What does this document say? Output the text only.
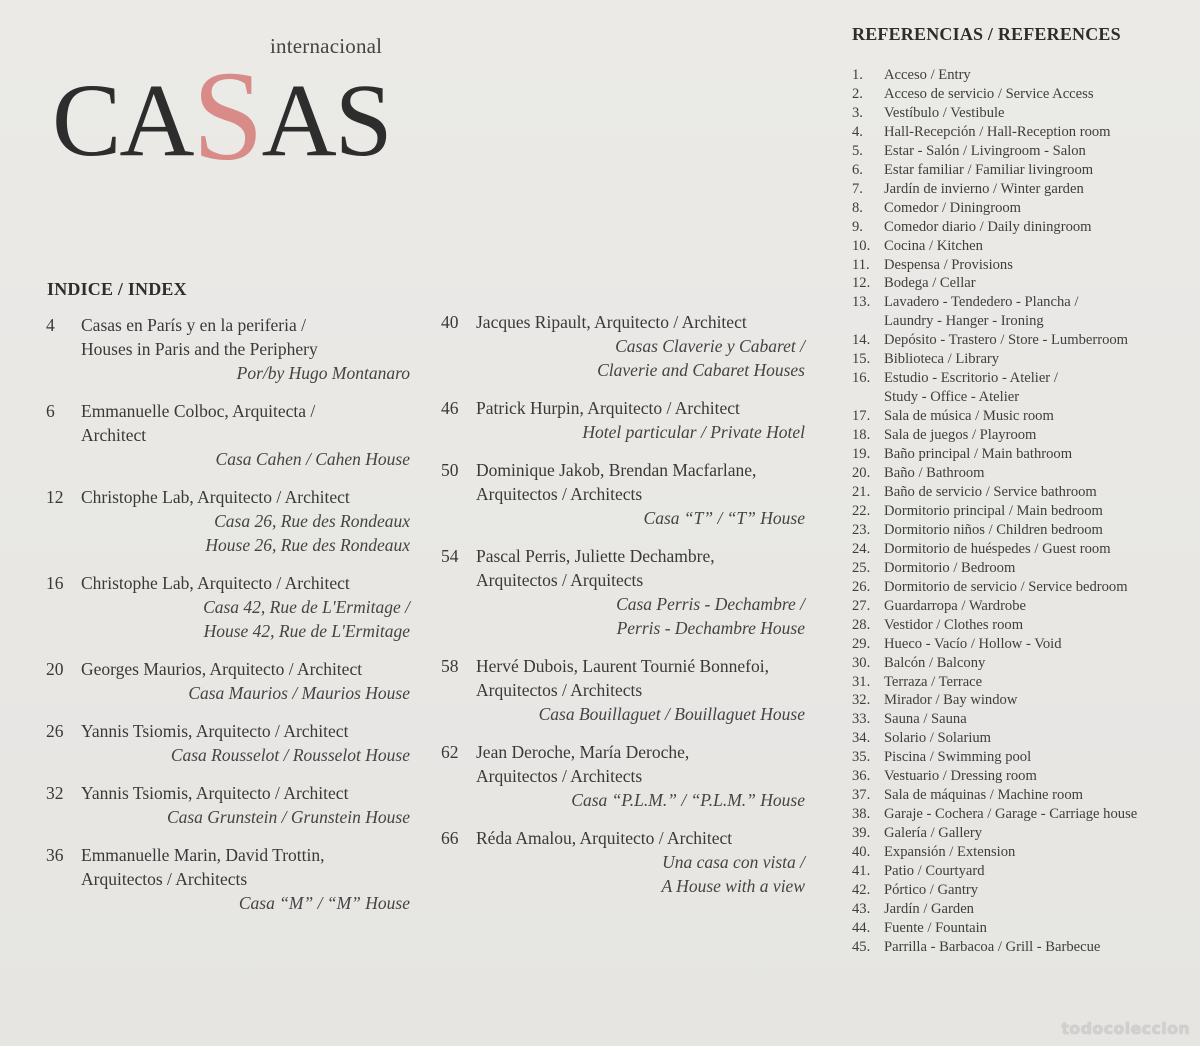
internacional
CASAS
INDICE / INDEX
4	Casas en París y en la periferia /
Houses in Paris and the Periphery
Por/by Hugo Montanaro
6	Emmanuelle Colboc, Arquitecta /
Architect
Casa Cahen / Cahen House
12	Christophe Lab, Arquitecto / Architect
Casa 26, Rue des Rondeaux
House 26, Rue des Rondeaux
16	Christophe Lab, Arquitecto / Architect
Casa 42, Rue de L'Ermitage /
House 42, Rue de L'Ermitage
20	Georges Maurios, Arquitecto / Architect
Casa Maurios / Maurios House
26	Yannis Tsiomis, Arquitecto / Architect
Casa Rousselot / Rousselot House
32	Yannis Tsiomis, Arquitecto / Architect
Casa Grunstein / Grunstein House
36	Emmanuelle Marin, David Trottin,
Arquitectos / Architects
Casa “M” / “M” House
40	Jacques Ripault, Arquitecto / Architect
Casas Claverie y Cabaret /
Claverie and Cabaret Houses
46	Patrick Hurpin, Arquitecto / Architect
Hotel particular / Private Hotel
50	Dominique Jakob, Brendan Macfarlane,
Arquitectos / Architects
Casa “T” / “T” House
54	Pascal Perris, Juliette Dechambre,
Arquitectos / Arquitects
Casa Perris - Dechambre /
Perris - Dechambre House
58	Hervé Dubois, Laurent Tournié Bonnefoi,
Arquitectos / Architects
Casa Bouillaguet / Bouillaguet House
62	Jean Deroche, María Deroche,
Arquitectos / Architects
Casa “P.L.M.” / “P.L.M.” House
66	Réda Amalou, Arquitecto / Architect
Una casa con vista /
A House with a view
REFERENCIAS / REFERENCES
1. Acceso / Entry
2. Acceso de servicio / Service Access
3. Vestíbulo / Vestibule
4. Hall-Recepción / Hall-Reception room
5. Estar - Salón / Livingroom - Salon
6. Estar familiar / Familiar livingroom
7. Jardín de invierno / Winter garden
8. Comedor / Diningroom
9. Comedor diario / Daily diningroom
10. Cocina / Kitchen
11. Despensa / Provisions
12. Bodega / Cellar
13. Lavadero - Tendedero - Plancha /
Laundry - Hanger - Ironing
14. Depósito - Trastero / Store - Lumberroom
15. Biblioteca / Library
16. Estudio - Escritorio - Atelier /
Study - Office - Atelier
17. Sala de música / Music room
18. Sala de juegos / Playroom
19. Baño principal / Main bathroom
20. Baño / Bathroom
21. Baño de servicio / Service bathroom
22. Dormitorio principal / Main bedroom
23. Dormitorio niños / Children bedroom
24. Dormitorio de huéspedes / Guest room
25. Dormitorio / Bedroom
26. Dormitorio de servicio / Service bedroom
27. Guardarropa / Wardrobe
28. Vestidor / Clothes room
29. Hueco - Vacío / Hollow - Void
30. Balcón / Balcony
31. Terraza / Terrace
32. Mirador / Bay window
33. Sauna / Sauna
34. Solario / Solarium
35. Piscina / Swimming pool
36. Vestuario / Dressing room
37. Sala de máquinas / Machine room
38. Garaje - Cochera / Garage - Carriage house
39. Galería / Gallery
40. Expansión / Extension
41. Patio / Courtyard
42. Pórtico / Gantry
43. Jardín / Garden
44. Fuente / Fountain
45. Parrilla - Barbacoa / Grill - Barbecue
todocoleccion
